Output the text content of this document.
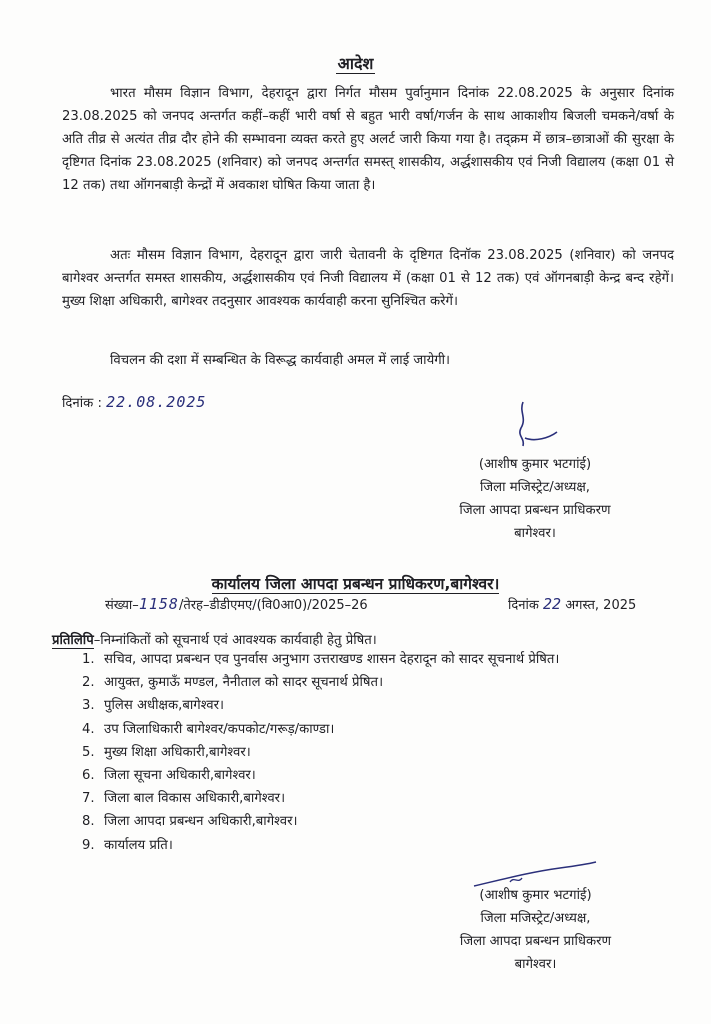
आदेश
भारत मौसम विज्ञान विभाग, देहरादून द्वारा निर्गत मौसम पुर्वानुमान दिनांक 22.08.2025 के अनुसार दिनांक 23.08.2025 को जनपद अन्तर्गत कहीं–कहीं भारी वर्षा से बहुत भारी वर्षा/गर्जन के साथ आकाशीय बिजली चमकने/वर्षा के अति तीव्र से अत्यंत तीव्र दौर होने की सम्भावना व्यक्त करते हुए अलर्ट जारी किया गया है। तद्क्रम में छात्र–छात्राओं की सुरक्षा के दृष्टिगत दिनांक 23.08.2025 (शनिवार) को जनपद अन्तर्गत समस्त् शासकीय, अर्द्धशासकीय एवं निजी विद्यालय (कक्षा 01 से 12 तक) तथा ऑगनबाड़ी केन्द्रों में अवकाश घोषित किया जाता है।
अतः मौसम विज्ञान विभाग, देहरादून द्वारा जारी चेतावनी के दृष्टिगत दिनॉक 23.08.2025 (शनिवार) को जनपद बागेश्वर अन्तर्गत समस्त शासकीय, अर्द्धशासकीय एवं निजी विद्यालय में (कक्षा 01 से 12 तक) एवं ऑगनबाड़ी केन्द्र बन्द रहेगें। मुख्य शिक्षा अधिकारी, बागेश्वर तदनुसार आवश्यक कार्यवाही करना सुनिश्चित करेगें।
विचलन की दशा में सम्बन्धित के विरूद्ध कार्यवाही अमल में लाई जायेगी।
दिनांक : 22.08.2025
(आशीष कुमार भटगांई)
जिला मजिस्ट्रेट/अध्यक्ष,
जिला आपदा प्रबन्धन प्राधिकरण
बागेश्वर।
कार्यालय जिला आपदा प्रबन्धन प्राधिकरण,बागेश्वर।
संख्या–1158/तेरह–डीडीएमए/(वि0आ0)/2025–26	दिनांक 22 अगस्त, 2025
प्रतिलिपि–निम्नांकितों को सूचनार्थ एवं आवश्यक कार्यवाही हेतु प्रेषित।
1. सचिव, आपदा प्रबन्धन एव पुनर्वास अनुभाग उत्तराखण्ड शासन देहरादून को सादर सूचनार्थ प्रेषित।
2. आयुक्त, कुमाऊँ मण्डल, नैनीताल को सादर सूचनार्थ प्रेषित।
3. पुलिस अधीक्षक,बागेश्वर।
4. उप जिलाधिकारी बागेश्वर/कपकोट/गरूड़/काण्डा।
5. मुख्य शिक्षा अधिकारी,बागेश्वर।
6. जिला सूचना अधिकारी,बागेश्वर।
7. जिला बाल विकास अधिकारी,बागेश्वर।
8. जिला आपदा प्रबन्धन अधिकारी,बागेश्वर।
9. कार्यालय प्रति।
(आशीष कुमार भटगांई)
जिला मजिस्ट्रेट/अध्यक्ष,
जिला आपदा प्रबन्धन प्राधिकरण
बागेश्वर।
